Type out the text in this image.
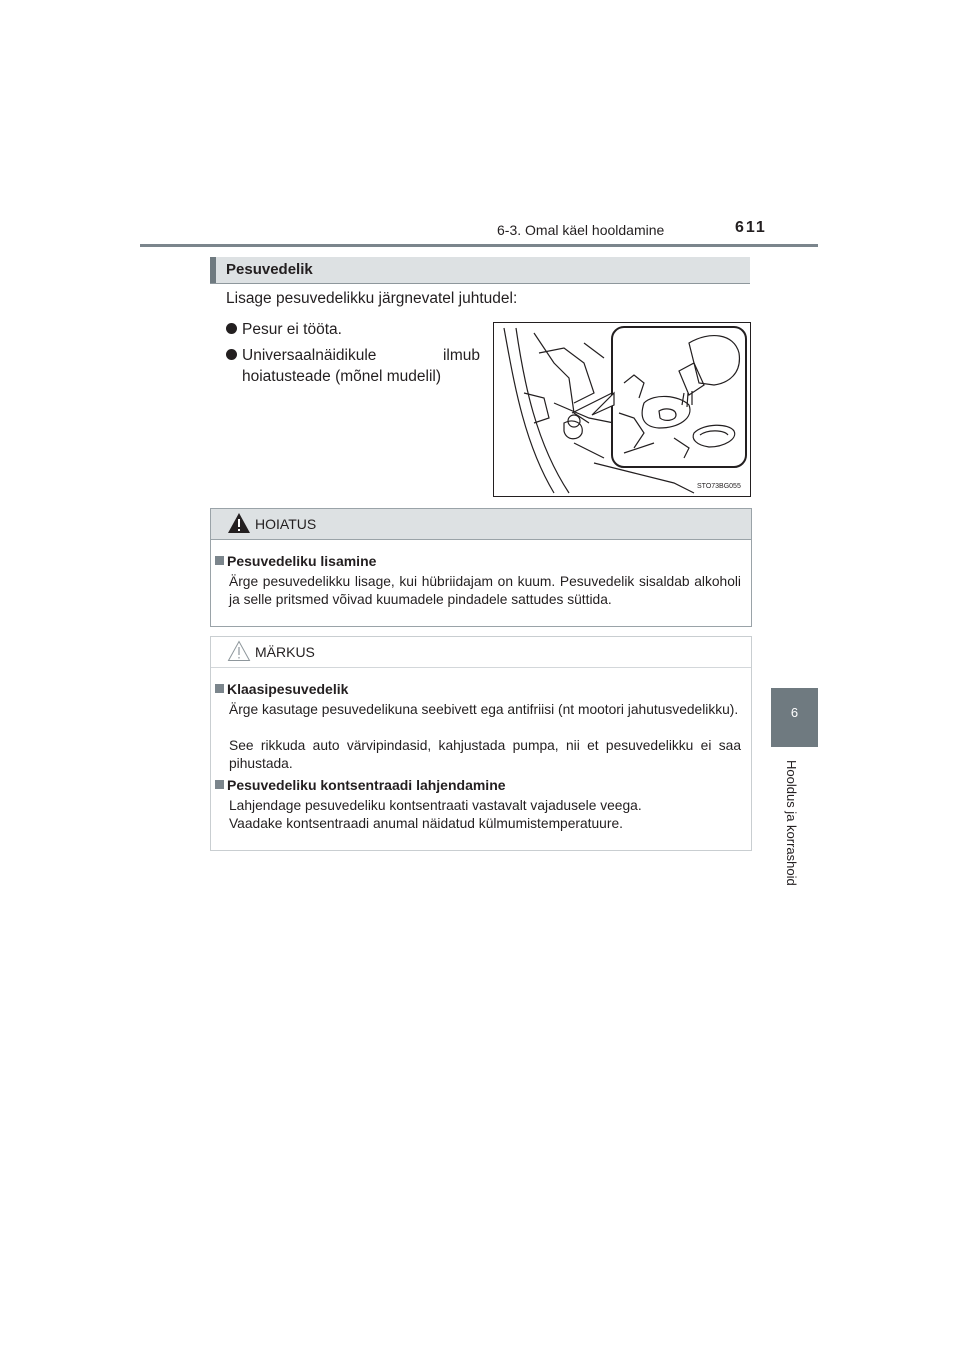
6-3. Omal käel hooldamine	611
6
Hooldus ja korrashoid
Pesuvedelik
Lisage pesuvedelikku järgnevatel juhtudel:
Pesur ei tööta.
Universaalnäidikule ilmub
hoiatusteade (mõnel mudelil)
STO73BG055
HOIATUS
Pesuvedeliku lisamine
Ärge pesuvedelikku lisage, kui hübriidajam on kuum. Pesuvedelik sisaldab alkoholi ja selle pritsmed võivad kuumadele pindadele sattudes süttida.
MÄRKUS
Klaasipesuvedelik
Ärge kasutage pesuvedelikuna seebivett ega antifriisi (nt mootori jahutusvedelikku).
See rikkuda auto värvipindasid, kahjustada pumpa, nii et pesuvedelikku ei saa pihustada.
Pesuvedeliku kontsentraadi lahjendamine
Lahjendage pesuvedeliku kontsentraati vastavalt vajadusele veega.
Vaadake kontsentraadi anumal näidatud külmumistemperatuure.
